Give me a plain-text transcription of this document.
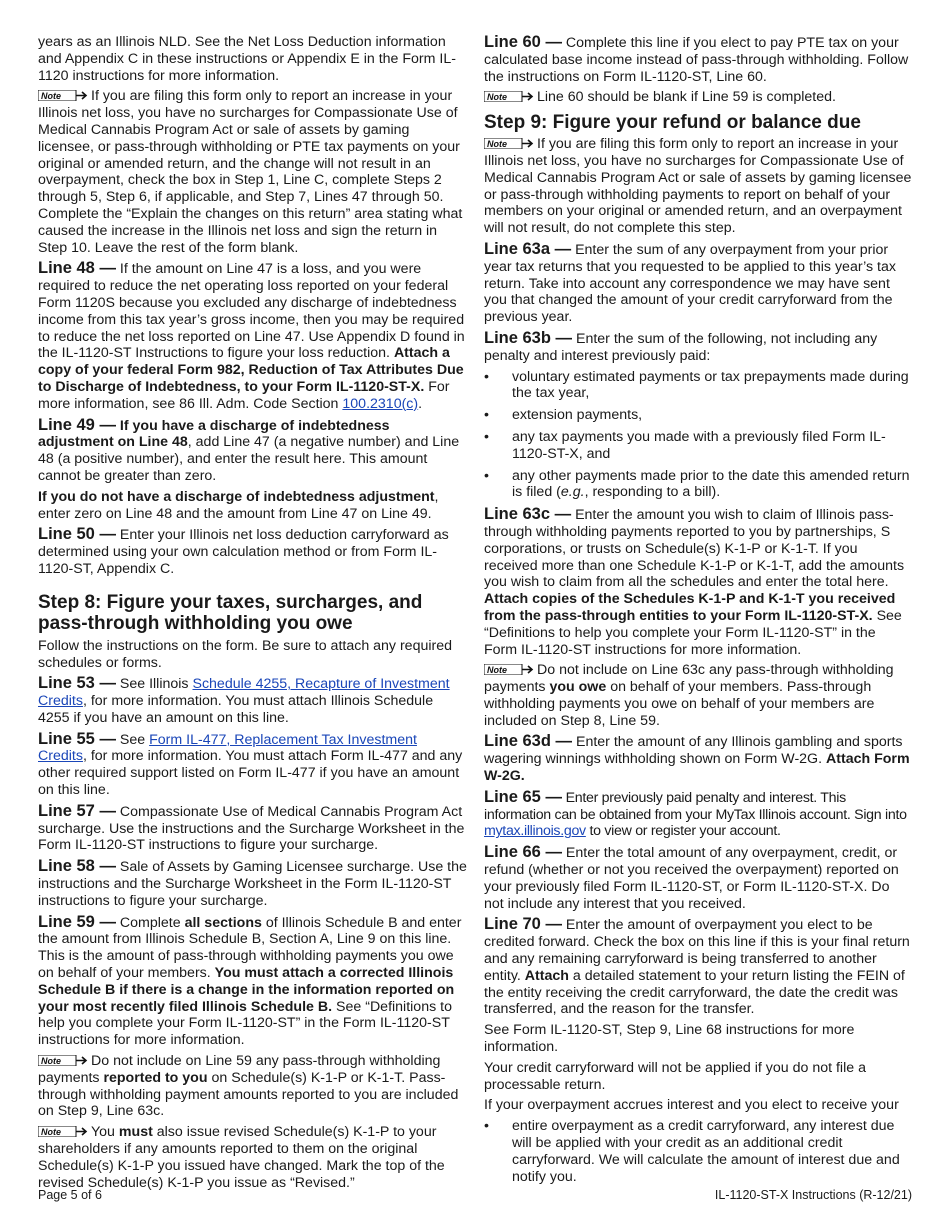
years as an Illinois NLD. See the Net Loss Deduction information and Appendix C in these instructions or Appendix E in the Form IL-1120 instructions for more information.

Note If you are filing this form only to report an increase in your Illinois net loss, you have no surcharges for Compassionate Use of Medical Cannabis Program Act or sale of assets by gaming licensee, or pass-through withholding or PTE tax payments on your original or amended return, and the change will not result in an overpayment, check the box in Step 1, Line C, complete Steps 2 through 5, Step 6, if applicable, and Step 7, Lines 47 through 50. Complete the “Explain the changes on this return” area stating what caused the increase in the Illinois net loss and sign the return in Step 10. Leave the rest of the form blank.

Line 48 — If the amount on Line 47 is a loss, and you were required to reduce the net operating loss reported on your federal Form 1120S because you excluded any discharge of indebtedness income from this tax year’s gross income, then you may be required to reduce the net loss reported on Line 47. Use Appendix D found in the IL-1120-ST Instructions to figure your loss reduction. Attach a copy of your federal Form 982, Reduction of Tax Attributes Due to Discharge of Indebtedness, to your Form IL-1120-ST-X. For more information, see 86 Ill. Adm. Code Section 100.2310(c).

Line 49 — If you have a discharge of indebtedness adjustment on Line 48, add Line 47 (a negative number) and Line 48 (a positive number), and enter the result here. This amount cannot be greater than zero.

If you do not have a discharge of indebtedness adjustment, enter zero on Line 48 and the amount from Line 47 on Line 49.

Line 50 — Enter your Illinois net loss deduction carryforward as determined using your own calculation method or from Form IL-1120-ST, Appendix C.

Step 8: Figure your taxes, surcharges, and pass-through withholding you owe

Follow the instructions on the form. Be sure to attach any required schedules or forms.

Line 53 — See Illinois Schedule 4255, Recapture of Investment Credits, for more information. You must attach Illinois Schedule 4255 if you have an amount on this line.

Line 55 — See Form IL-477, Replacement Tax Investment Credits, for more information. You must attach Form IL-477 and any other required support listed on Form IL-477 if you have an amount on this line.

Line 57 — Compassionate Use of Medical Cannabis Program Act surcharge. Use the instructions and the Surcharge Worksheet in the Form IL-1120-ST instructions to figure your surcharge.

Line 58 — Sale of Assets by Gaming Licensee surcharge. Use the instructions and the Surcharge Worksheet in the Form IL-1120-ST instructions to figure your surcharge.

Line 59 — Complete all sections of Illinois Schedule B and enter the amount from Illinois Schedule B, Section A, Line 9 on this line. This is the amount of pass-through withholding payments you owe on behalf of your members. You must attach a corrected Illinois Schedule B if there is a change in the information reported on your most recently filed Illinois Schedule B. See “Definitions to help you complete your Form IL-1120-ST” in the Form IL-1120-ST instructions for more information.

Note Do not include on Line 59 any pass-through withholding payments reported to you on Schedule(s) K-1-P or K-1-T. Pass-through withholding payment amounts reported to you are included on Step 9, Line 63c.

Note You must also issue revised Schedule(s) K-1-P to your shareholders if any amounts reported to them on the original Schedule(s) K-1-P you issued have changed. Mark the top of the revised Schedule(s) K-1-P you issue as “Revised.”

Line 60 — Complete this line if you elect to pay PTE tax on your calculated base income instead of pass-through withholding. Follow the instructions on Form IL-1120-ST, Line 60.

Note Line 60 should be blank if Line 59 is completed.

Step 9: Figure your refund or balance due

Note If you are filing this form only to report an increase in your Illinois net loss, you have no surcharges for Compassionate Use of Medical Cannabis Program Act or sale of assets by gaming licensee or pass-through withholding payments to report on behalf of your members on your original or amended return, and an overpayment will not result, do not complete this step.

Line 63a — Enter the sum of any overpayment from your prior year tax returns that you requested to be applied to this year’s tax return. Take into account any correspondence we may have sent you that changed the amount of your credit carryforward from the previous year.

Line 63b — Enter the sum of the following, not including any penalty and interest previously paid:

• voluntary estimated payments or tax prepayments made during the tax year,
• extension payments,
• any tax payments you made with a previously filed Form IL-1120-ST-X, and
• any other payments made prior to the date this amended return is filed (e.g., responding to a bill).

Line 63c — Enter the amount you wish to claim of Illinois pass-through withholding payments reported to you by partnerships, S corporations, or trusts on Schedule(s) K-1-P or K-1-T. If you received more than one Schedule K-1-P or K-1-T, add the amounts you wish to claim from all the schedules and enter the total here. Attach copies of the Schedules K-1-P and K-1-T you received from the pass-through entities to your Form IL-1120-ST-X. See “Definitions to help you complete your Form IL-1120-ST” in the Form IL-1120-ST instructions for more information.

Note Do not include on Line 63c any pass-through withholding payments you owe on behalf of your members. Pass-through withholding payments you owe on behalf of your members are included on Step 8, Line 59.

Line 63d — Enter the amount of any Illinois gambling and sports wagering winnings withholding shown on Form W-2G. Attach Form W-2G.

Line 65 — Enter previously paid penalty and interest. This information can be obtained from your MyTax Illinois account. Sign into mytax.illinois.gov to view or register your account.

Line 66 — Enter the total amount of any overpayment, credit, or refund (whether or not you received the overpayment) reported on your previously filed Form IL-1120-ST, or Form IL-1120-ST-X. Do not include any interest that you received.

Line 70 — Enter the amount of overpayment you elect to be credited forward. Check the box on this line if this is your final return and any remaining carryforward is being transferred to another entity. Attach a detailed statement to your return listing the FEIN of the entity receiving the credit carryforward, the date the credit was transferred, and the reason for the transfer.

See Form IL-1120-ST, Step 9, Line 68 instructions for more information.

Your credit carryforward will not be applied if you do not file a processable return.

If your overpayment accrues interest and you elect to receive your

• entire overpayment as a credit carryforward, any interest due will be applied with your credit as an additional credit carryforward. We will calculate the amount of interest due and notify you.
Page 5 of 6	IL-1120-ST-X Instructions (R-12/21)
